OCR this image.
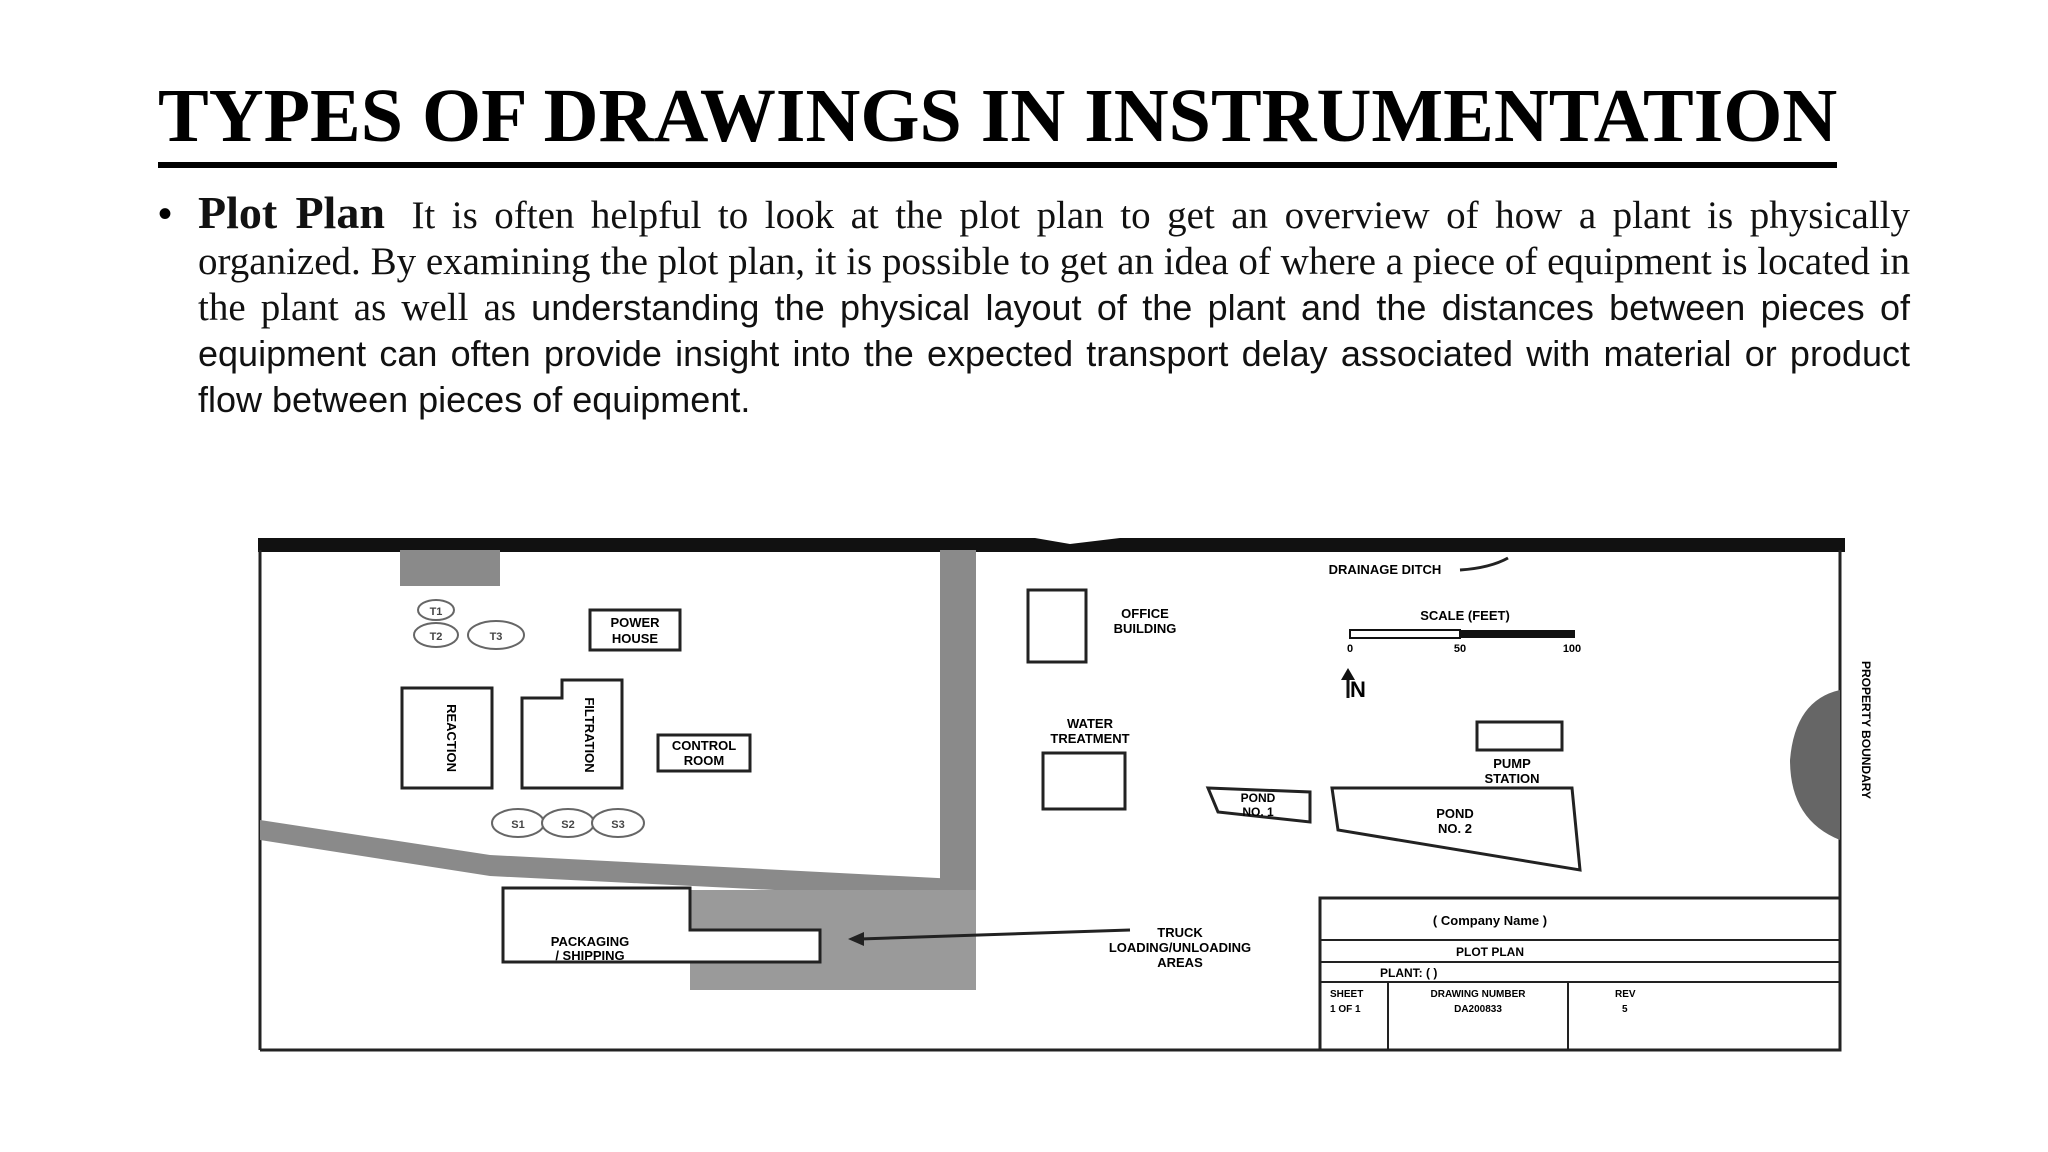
TYPES OF DRAWINGS IN INSTRUMENTATION
• Plot Plan It is often helpful to look at the plot plan to get an overview of how a plant is physically organized. By examining the plot plan, it is possible to get an idea of where a piece of equipment is located in the plant as well as understanding the physical layout of the plant and the distances between pieces of equipment can often provide insight into the expected transport delay associated with material or product flow between pieces of equipment.

T1
T2	T3
POWER
HOUSE
REACTION	FILTRATION	CONTROL
ROOM
S1	S2	S3
PACKAGING
/ SHIPPING
TRUCK
LOADING/UNLOADING
AREAS
OFFICE
BUILDING
WATER
TREATMENT
DRAINAGE DITCH
SCALE (FEET)
0	50	100
N
PUMP
STATION
POND
NO. 1	POND
NO. 2
PROPERTY BOUNDARY
( Company Name )
PLOT PLAN
PLANT: ( )
SHEET
1 OF 1
DRAWING NUMBER
DA200833
REV
5
